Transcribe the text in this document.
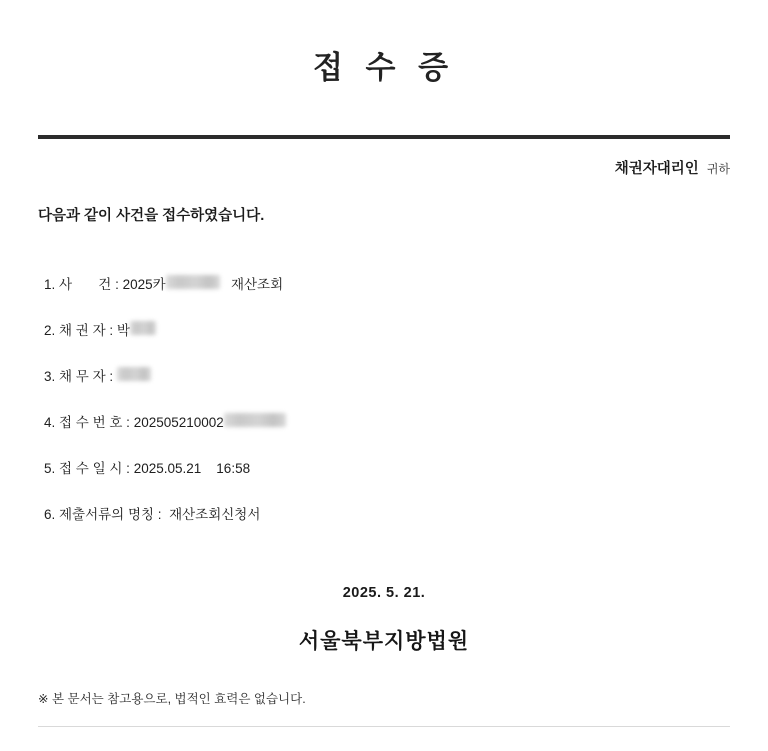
접 수 증
채권자대리인 귀하
다음과 같이 사건을 접수하였습니다.
1. 사       건 :
2025카
	재산조회
2. 채 권 자 :
박
3. 채 무 자 :

4. 접 수 번 호 :
202505210002
5. 접 수 일 시 :
2025.05.21
16:58
6. 제출서류의 명칭 :
재산조회신청서
2025. 5. 21.
서울북부지방법원
※ 본 문서는 참고용으로, 법적인 효력은 없습니다.
